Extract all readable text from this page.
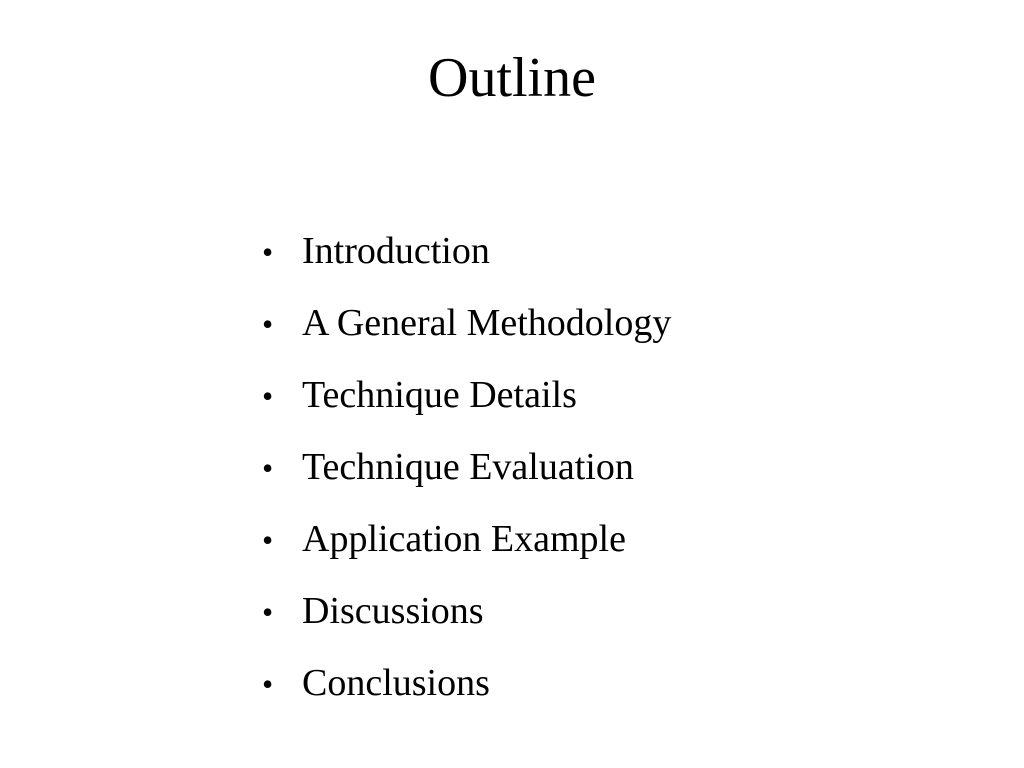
Outline
• Introduction
• A General Methodology
• Technique Details
• Technique Evaluation
• Application Example
• Discussions
• Conclusions
